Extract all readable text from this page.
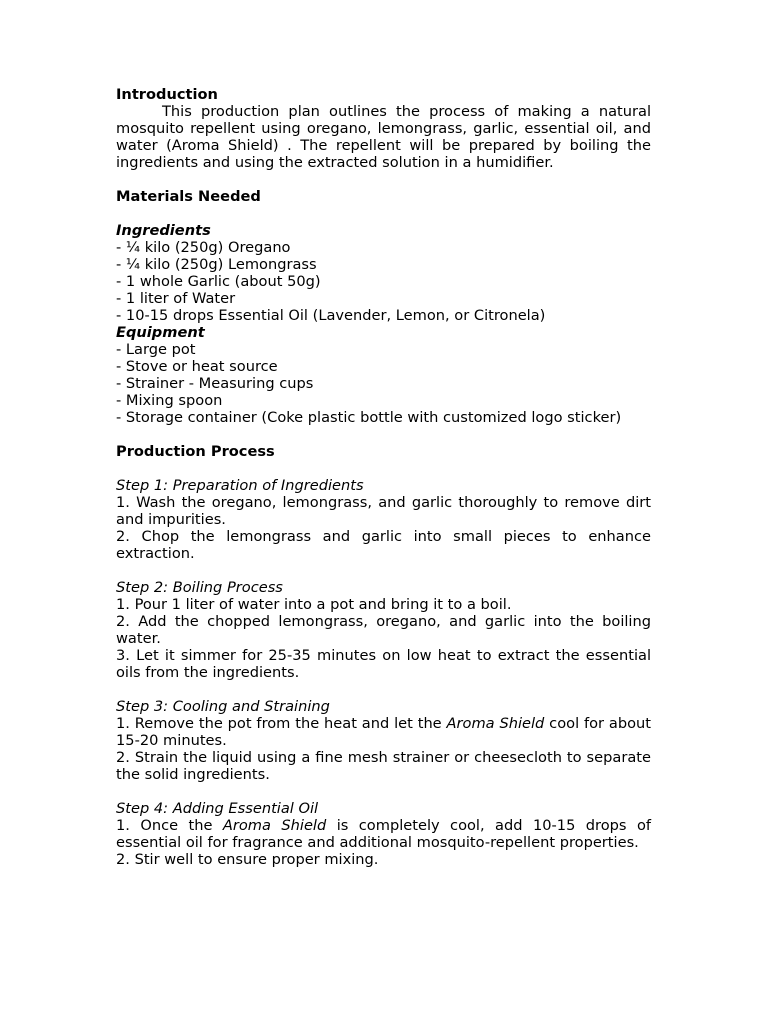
Introduction

This production plan outlines the process of making a natural mosquito repellent using oregano, lemongrass, garlic, essential oil, and water (Aroma Shield) . The repellent will be prepared by boiling the ingredients and using the extracted solution in a humidifier.

Materials Needed

Ingredients

- ¼ kilo (250g) Oregano
- ¼ kilo (250g) Lemongrass
- 1 whole Garlic (about 50g)
- 1 liter of Water
- 10-15 drops Essential Oil (Lavender, Lemon, or Citronela)

Equipment

- Large pot
- Stove or heat source
- Strainer - Measuring cups
- Mixing spoon
- Storage container (Coke plastic bottle with customized logo sticker)

Production Process

Step 1: Preparation of Ingredients

1. Wash the oregano, lemongrass, and garlic thoroughly to remove dirt and impurities.

2. Chop the lemongrass and garlic into small pieces to enhance extraction.

Step 2: Boiling Process

1. Pour 1 liter of water into a pot and bring it to a boil.

2. Add the chopped lemongrass, oregano, and garlic into the boiling water.

3. Let it simmer for 25-35 minutes on low heat to extract the essential oils from the ingredients.

Step 3: Cooling and Straining

1. Remove the pot from the heat and let the Aroma Shield cool for about 15-20 minutes.

2. Strain the liquid using a fine mesh strainer or cheesecloth to separate the solid ingredients.

Step 4: Adding Essential Oil

1. Once the Aroma Shield is completely cool, add 10-15 drops of essential oil for fragrance and additional mosquito-repellent properties.

2. Stir well to ensure proper mixing.
